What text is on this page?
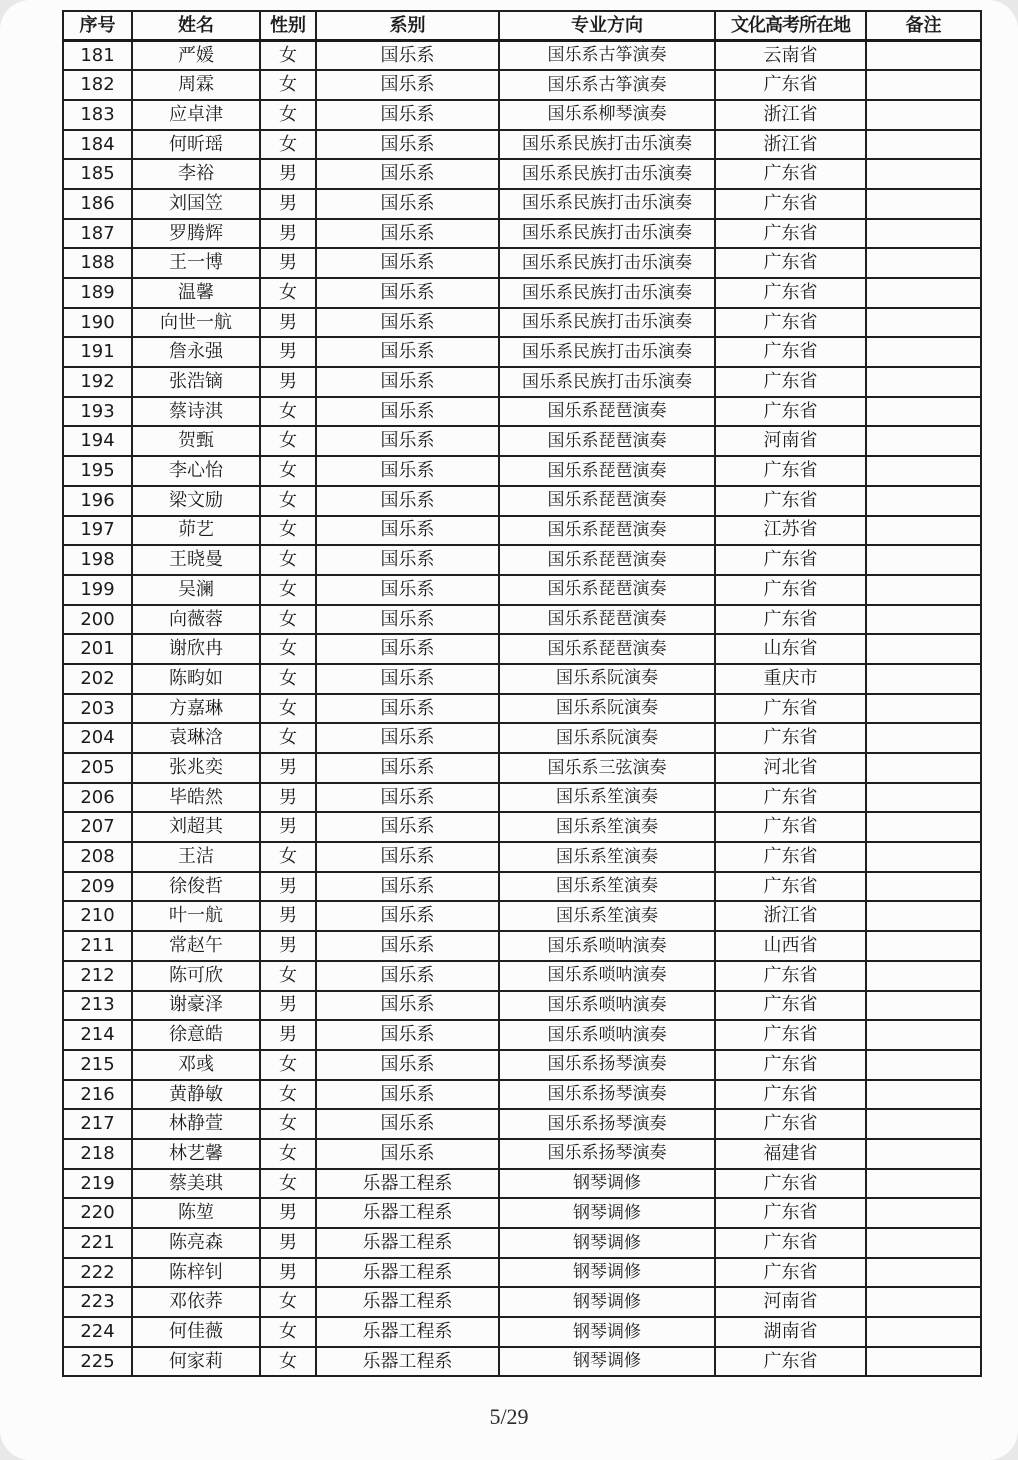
序号	姓名	性别	系别	专业方向	文化高考所在地	备注
181	严媛	女	国乐系	国乐系古筝演奏	云南省	
182	周霖	女	国乐系	国乐系古筝演奏	广东省	
183	应卓津	女	国乐系	国乐系柳琴演奏	浙江省	
184	何昕瑶	女	国乐系	国乐系民族打击乐演奏	浙江省	
185	李裕	男	国乐系	国乐系民族打击乐演奏	广东省	
186	刘国笠	男	国乐系	国乐系民族打击乐演奏	广东省	
187	罗腾辉	男	国乐系	国乐系民族打击乐演奏	广东省	
188	王一博	男	国乐系	国乐系民族打击乐演奏	广东省	
189	温馨	女	国乐系	国乐系民族打击乐演奏	广东省	
190	向世一航	男	国乐系	国乐系民族打击乐演奏	广东省	
191	詹永强	男	国乐系	国乐系民族打击乐演奏	广东省	
192	张浩镝	男	国乐系	国乐系民族打击乐演奏	广东省	
193	蔡诗淇	女	国乐系	国乐系琵琶演奏	广东省	
194	贺甄	女	国乐系	国乐系琵琶演奏	河南省	
195	李心怡	女	国乐系	国乐系琵琶演奏	广东省	
196	梁文励	女	国乐系	国乐系琵琶演奏	广东省	
197	茆艺	女	国乐系	国乐系琵琶演奏	江苏省	
198	王晓曼	女	国乐系	国乐系琵琶演奏	广东省	
199	吴澜	女	国乐系	国乐系琵琶演奏	广东省	
200	向薇蓉	女	国乐系	国乐系琵琶演奏	广东省	
201	谢欣冉	女	国乐系	国乐系琵琶演奏	山东省	
202	陈畇如	女	国乐系	国乐系阮演奏	重庆市	
203	方嘉琳	女	国乐系	国乐系阮演奏	广东省	
204	袁琳浛	女	国乐系	国乐系阮演奏	广东省	
205	张兆奕	男	国乐系	国乐系三弦演奏	河北省	
206	毕皓然	男	国乐系	国乐系笙演奏	广东省	
207	刘超其	男	国乐系	国乐系笙演奏	广东省	
208	王洁	女	国乐系	国乐系笙演奏	广东省	
209	徐俊哲	男	国乐系	国乐系笙演奏	广东省	
210	叶一航	男	国乐系	国乐系笙演奏	浙江省	
211	常赵午	男	国乐系	国乐系唢呐演奏	山西省	
212	陈可欣	女	国乐系	国乐系唢呐演奏	广东省	
213	谢豪泽	男	国乐系	国乐系唢呐演奏	广东省	
214	徐意皓	男	国乐系	国乐系唢呐演奏	广东省	
215	邓彧	女	国乐系	国乐系扬琴演奏	广东省	
216	黄静敏	女	国乐系	国乐系扬琴演奏	广东省	
217	林静萱	女	国乐系	国乐系扬琴演奏	广东省	
218	林艺馨	女	国乐系	国乐系扬琴演奏	福建省	
219	蔡美琪	女	乐器工程系	钢琴调修	广东省	
220	陈堃	男	乐器工程系	钢琴调修	广东省	
221	陈亮森	男	乐器工程系	钢琴调修	广东省	
222	陈梓钊	男	乐器工程系	钢琴调修	广东省	
223	邓依荞	女	乐器工程系	钢琴调修	河南省	
224	何佳薇	女	乐器工程系	钢琴调修	湖南省	
225	何家莉	女	乐器工程系	钢琴调修	广东省	
5/29
